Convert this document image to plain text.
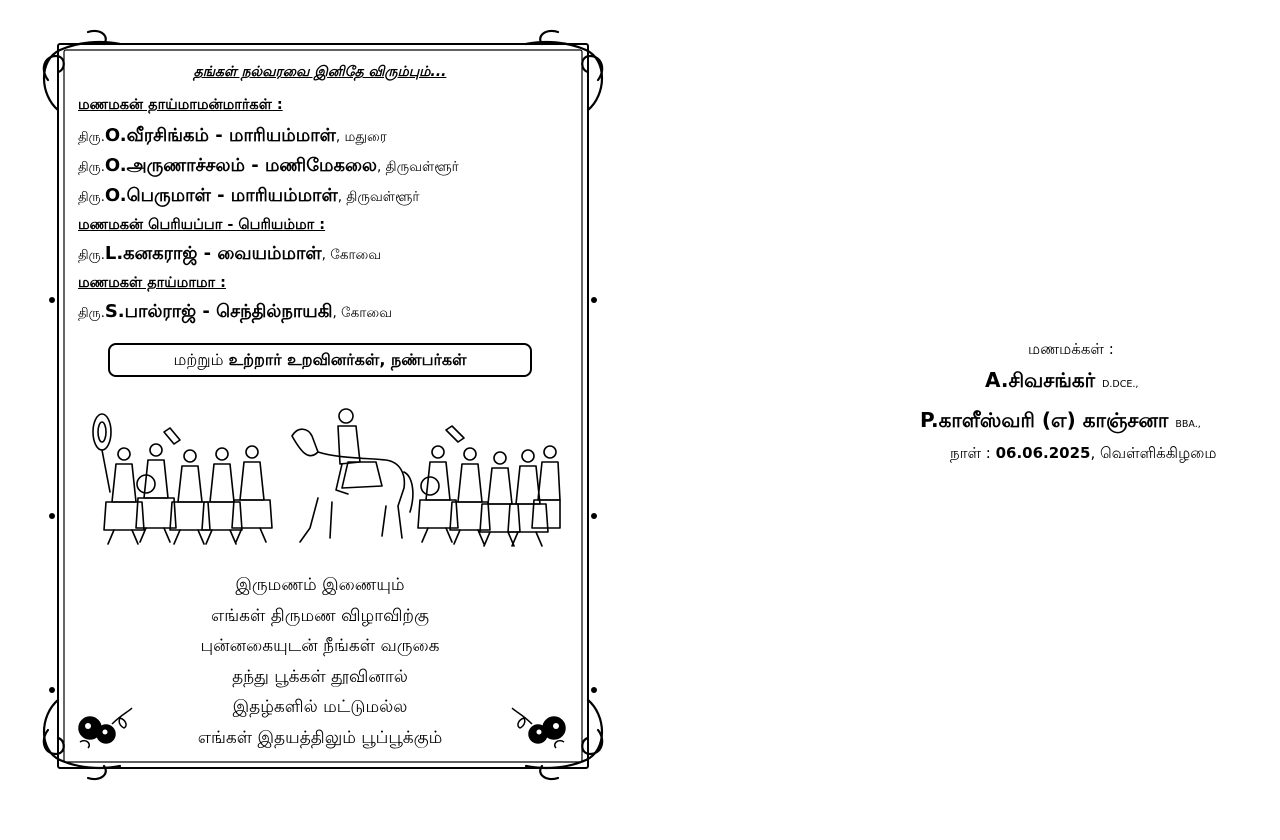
தங்கள் நல்வரவை இனிதே விரும்பும்...
மணமகன் தாய்மாமன்மார்கள் :
திரு.O.வீரசிங்கம் - மாரியம்மாள், மதுரை
திரு.O.அருணாச்சலம் - மணிமேகலை, திருவள்ளூர்
திரு.O.பெருமாள் - மாரியம்மாள், திருவள்ளூர்
மணமகன் பெரியப்பா - பெரியம்மா :
திரு.L.கனகராஜ் - வையம்மாள், கோவை
மணமகள் தாய்மாமா :
திரு.S.பால்ராஜ் - செந்தில்நாயகி, கோவை
மற்றும்
உற்றார் உறவினர்கள், நண்பர்கள்
இருமணம் இணையும்
எங்கள் திருமண விழாவிற்கு
புன்னகையுடன் நீங்கள் வருகை
தந்து பூக்கள் தூவினால்
இதழ்களில் மட்டுமல்ல
எங்கள் இதயத்திலும் பூப்பூக்கும்
மணமக்கள் :
A.சிவசங்கர் D.DCE.,
P.காளீஸ்வரி (எ) காஞ்சனா BBA.,
நாள் : 06.06.2025, வெள்ளிக்கிழமை
